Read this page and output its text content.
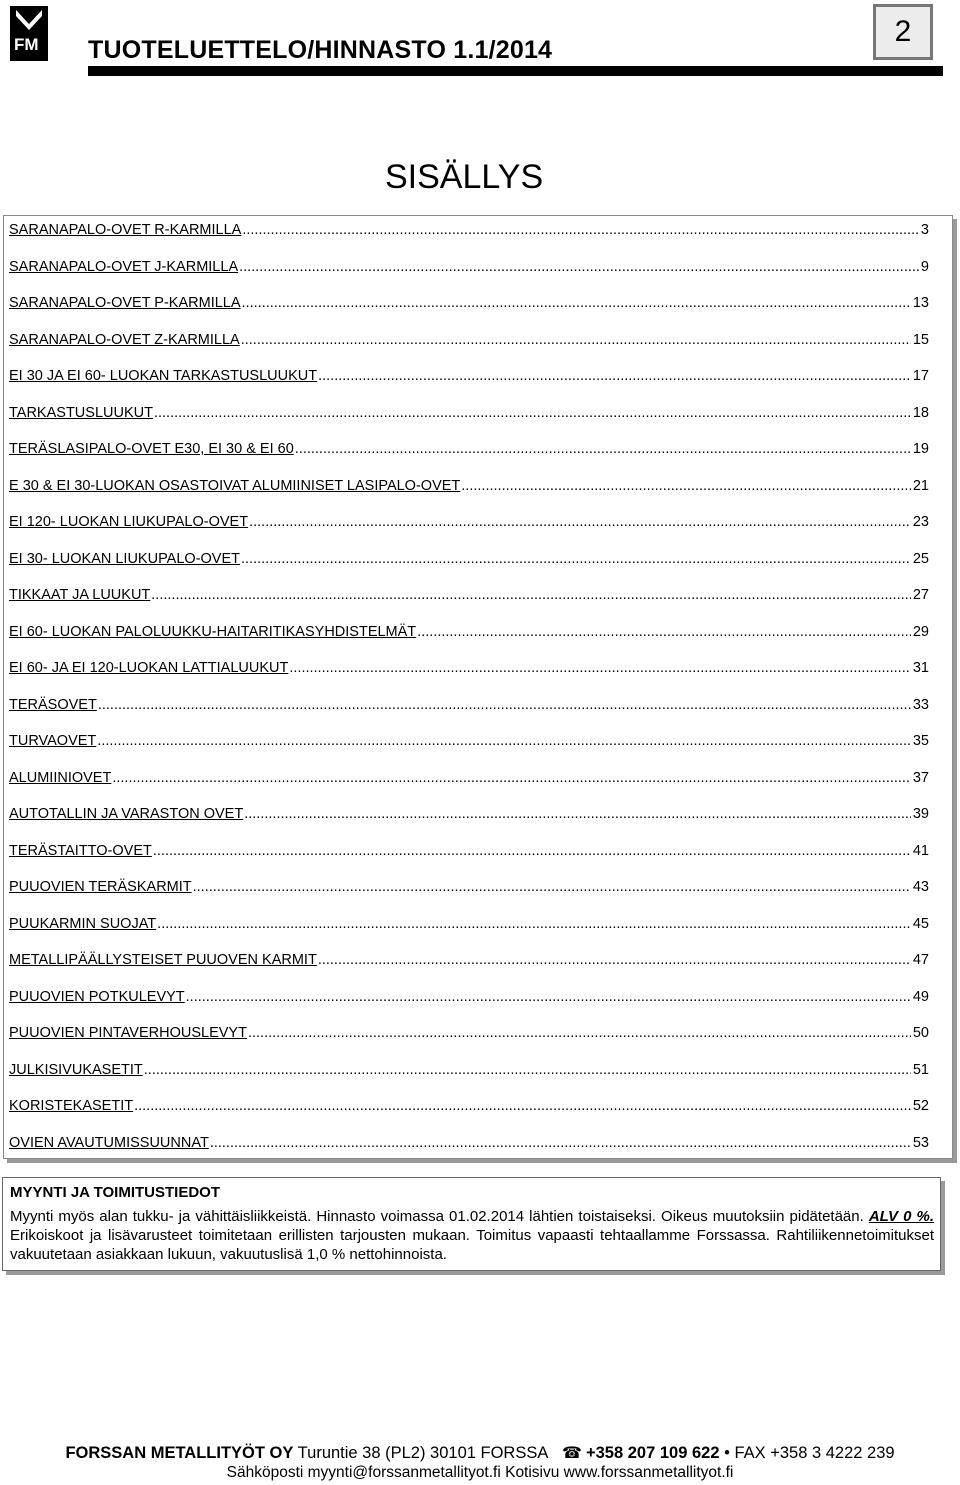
FM
®
TUOTELUETTELO/HINNASTO 1.1/2014
2
SISÄLLYS
SARANAPALO-OVET R-KARMILLA .....	3
SARANAPALO-OVET J-KARMILLA .....	9
SARANAPALO-OVET P-KARMILLA .....	13
SARANAPALO-OVET Z-KARMILLA .....	15
EI 30 JA EI 60- LUOKAN TARKASTUSLUUKUT .....	17
TARKASTUSLUUKUT .....	18
TERÄSLASIPALO-OVET E30, EI 30 & EI 60 .....	19
E 30 & EI 30-LUOKAN OSASTOIVAT ALUMIINISET LASIPALO-OVET .....	21
EI 120- LUOKAN LIUKUPALO-OVET .....	23
EI 30- LUOKAN LIUKUPALO-OVET .....	25
TIKKAAT JA LUUKUT .....	27
EI 60- LUOKAN PALOLUUKKU-HAITARITIKASYHDISTELMÄT .....	29
EI 60- JA EI 120-LUOKAN LATTIALUUKUT .....	31
TERÄSOVET .....	33
TURVAOVET .....	35
ALUMIINIOVET .....	37
AUTOTALLIN JA VARASTON OVET .....	39
TERÄSTAITTO-OVET .....	41
PUUOVIEN TERÄSKARMIT .....	43
PUUKARMIN SUOJAT .....	45
METALLIPÄÄLLYSTEISET PUUOVEN KARMIT .....	47
PUUOVIEN POTKULEVYT .....	49
PUUOVIEN PINTAVERHOUSLEVYT .....	50
JULKISIVUKASETIT .....	51
KORISTEKASETIT .....	52
OVIEN AVAUTUMISSUUNNAT .....	53
MYYNTI JA TOIMITUSTIEDOT
Myynti myös alan tukku- ja vähittäisliikkeistä. Hinnasto voimassa 01.02.2014 lähtien toistaiseksi. Oikeus muutoksiin pidätetään. ALV 0 %. Erikoiskoot ja lisävarusteet toimitetaan erillisten tarjousten mukaan. Toimitus vapaasti tehtaallamme Forssassa. Rahtiliikennetoimitukset vakuutetaan asiakkaan lukuun, vakuutuslisä 1,0 % nettohinnoista.
FORSSAN METALLITYÖT OY Turuntie 38 (PL2) 30101 FORSSA ☎ +358 207 109 622 • FAX +358 3 4222 239
Sähköposti myynti@forssanmetallityot.fi Kotisivu www.forssanmetallityot.fi
